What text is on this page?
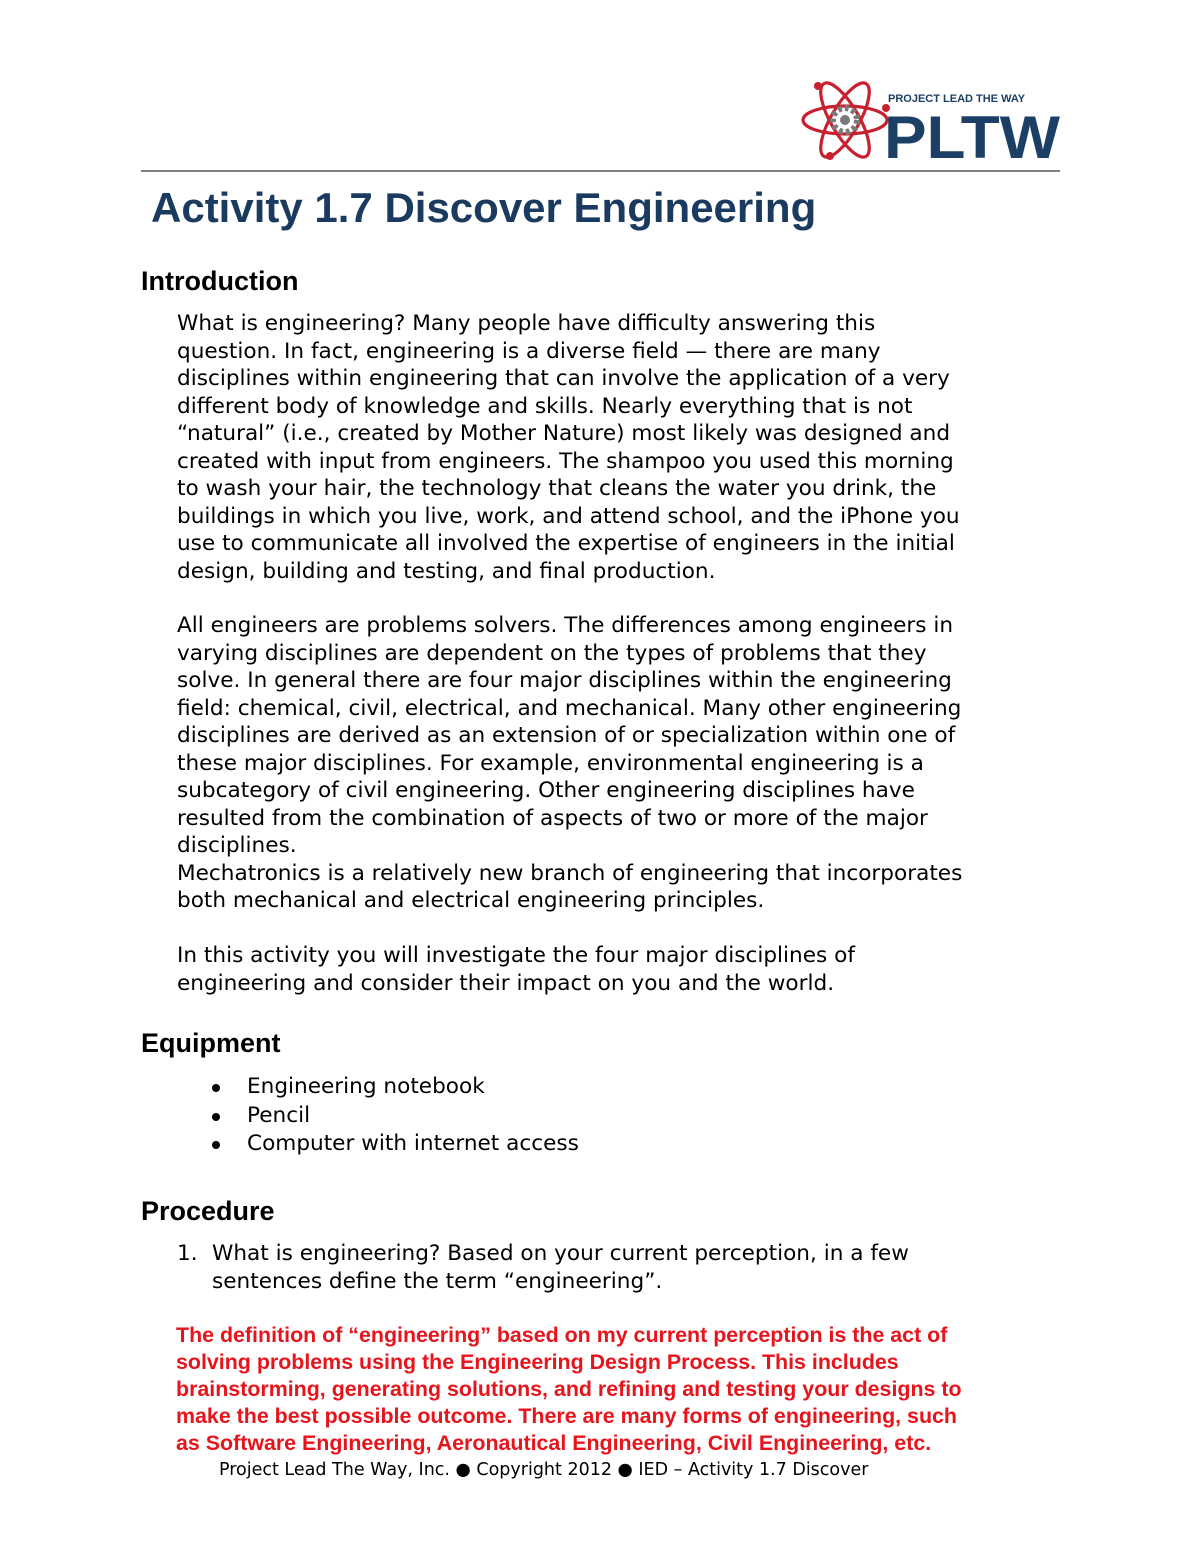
PROJECT LEAD THE WAY
PLTW
Activity 1.7 Discover Engineering
Introduction

What is engineering? Many people have difficulty answering this
question. In fact, engineering is a diverse field — there are many
disciplines within engineering that can involve the application of a very
different body of knowledge and skills. Nearly everything that is not
“natural” (i.e., created by Mother Nature) most likely was designed and
created with input from engineers. The shampoo you used this morning
to wash your hair, the technology that cleans the water you drink, the
buildings in which you live, work, and attend school, and the iPhone you
use to communicate all involved the expertise of engineers in the initial
design, building and testing, and final production.

All engineers are problems solvers. The differences among engineers in
varying disciplines are dependent on the types of problems that they
solve. In general there are four major disciplines within the engineering
field: chemical, civil, electrical, and mechanical. Many other engineering
disciplines are derived as an extension of or specialization within one of
these major disciplines. For example, environmental engineering is a
subcategory of civil engineering. Other engineering disciplines have
resulted from the combination of aspects of two or more of the major
disciplines.
Mechatronics is a relatively new branch of engineering that incorporates
both mechanical and electrical engineering principles.

In this activity you will investigate the four major disciplines of
engineering and consider their impact on you and the world.

Equipment
Engineering notebook
Pencil
Computer with internet access
Procedure
1. What is engineering? Based on your current perception, in a few
sentences define the term “engineering”.

The definition of “engineering” based on my current perception is the act of
solving problems using the Engineering Design Process. This includes
brainstorming, generating solutions, and refining and testing your designs to
make the best possible outcome. There are many forms of engineering, such
as Software Engineering, Aeronautical Engineering, Civil Engineering, etc.

Project Lead The Way, Inc. ● Copyright 2012 ● IED – Activity 1.7 Discover
